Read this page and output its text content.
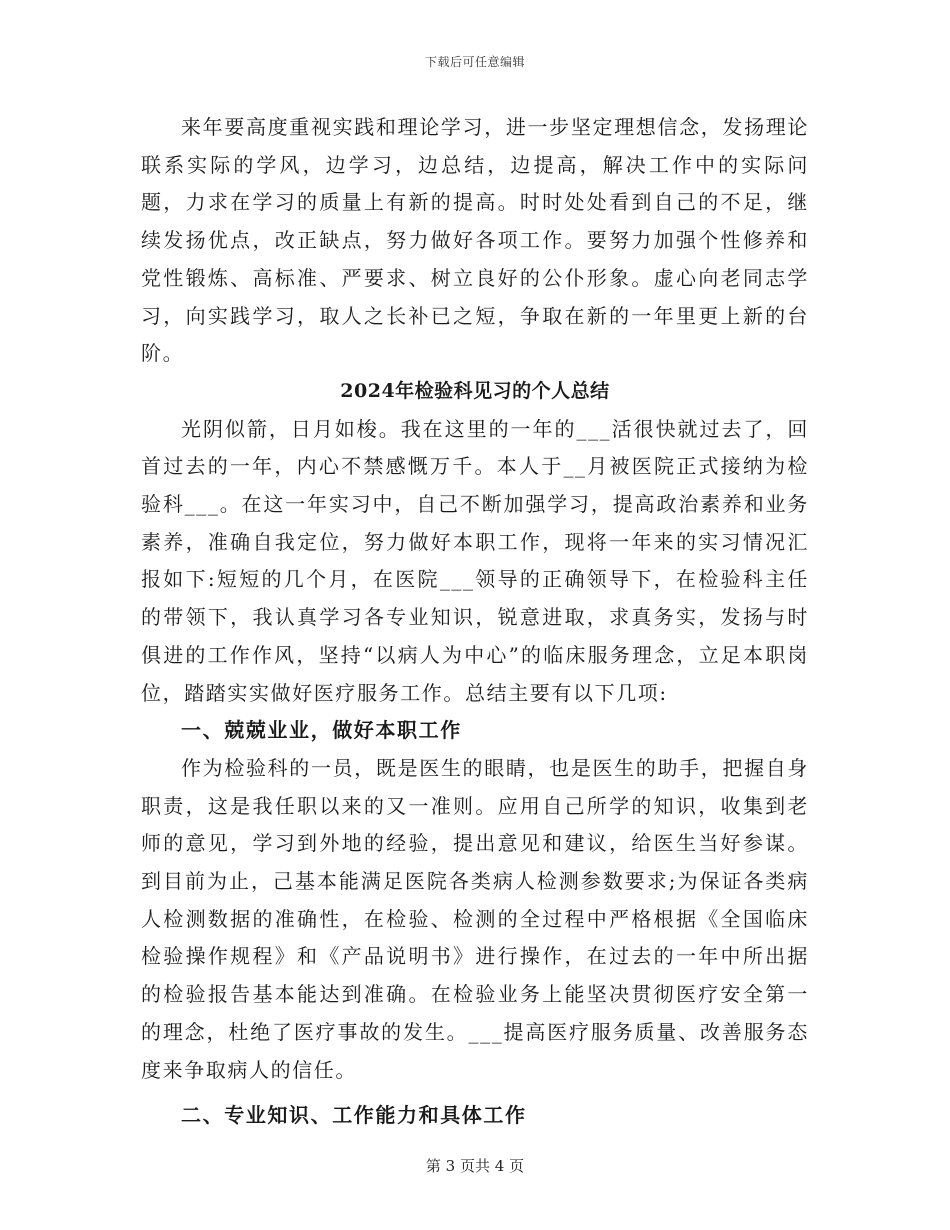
下载后可任意编辑

来年要高度重视实践和理论学习，进一步坚定理想信念，发扬理论联系实际的学风，边学习，边总结，边提高，解决工作中的实际问题，力求在学习的质量上有新的提高。时时处处看到自己的不足，继续发扬优点，改正缺点，努力做好各项工作。要努力加强个性修养和党性锻炼、高标准、严要求、树立良好的公仆形象。虚心向老同志学习，向实践学习，取人之长补已之短，争取在新的一年里更上新的台阶。

2024年检验科见习的个人总结

光阴似箭，日月如梭。我在这里的一年的___活很快就过去了，回首过去的一年，内心不禁感慨万千。本人于__月被医院正式接纳为检验科___。在这一年实习中，自己不断加强学习，提高政治素养和业务素养，准确自我定位，努力做好本职工作，现将一年来的实习情况汇报如下:短短的几个月，在医院___领导的正确领导下，在检验科主任的带领下，我认真学习各专业知识，锐意进取，求真务实，发扬与时俱进的工作作风，坚持“以病人为中心”的临床服务理念，立足本职岗位，踏踏实实做好医疗服务工作。总结主要有以下几项:

一、兢兢业业，做好本职工作

作为检验科的一员，既是医生的眼睛，也是医生的助手，把握自身职责，这是我任职以来的又一准则。应用自己所学的知识，收集到老师的意见，学习到外地的经验，提出意见和建议，给医生当好参谋。到目前为止，己基本能满足医院各类病人检测参数要求;为保证各类病人检测数据的准确性，在检验、检测的全过程中严格根据《全国临床检验操作规程》和《产品说明书》进行操作，在过去的一年中所出据的检验报告基本能达到准确。在检验业务上能坚决贯彻医疗安全第一的理念，杜绝了医疗事故的发生。___提高医疗服务质量、改善服务态度来争取病人的信任。

二、专业知识、工作能力和具体工作

第 3 页共 4 页
